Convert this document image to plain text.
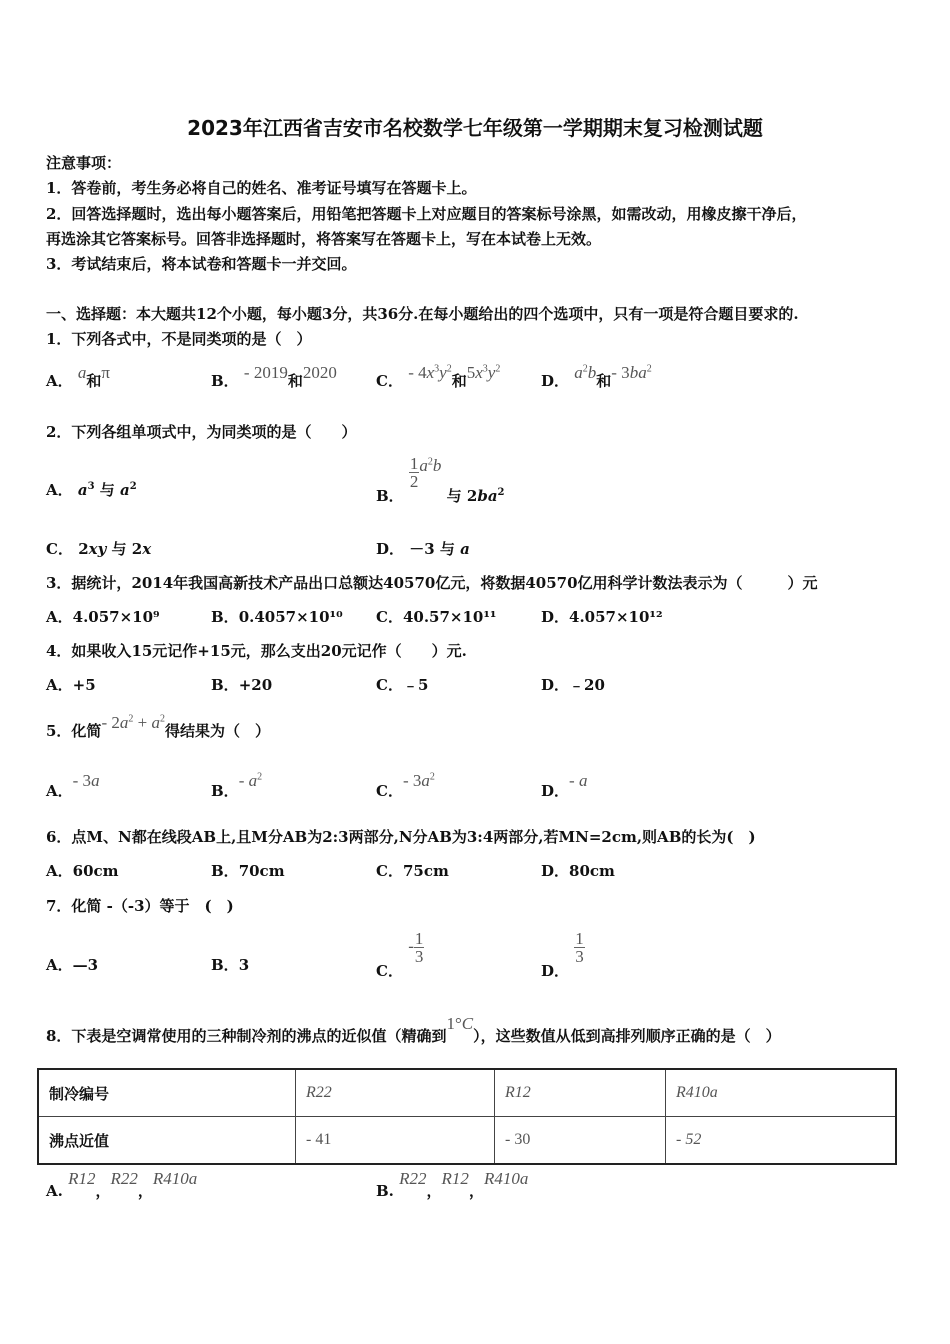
2023年江西省吉安市名校数学七年级第一学期期末复习检测试题
注意事项：
1．答卷前，考生务必将自己的姓名、准考证号填写在答题卡上。
2．回答选择题时，选出每小题答案后，用铅笔把答题卡上对应题目的答案标号涂黑，如需改动，用橡皮擦干净后，
再选涂其它答案标号。回答非选择题时，将答案写在答题卡上，写在本试卷上无效。
3．考试结束后，将本试卷和答题卡一并交回。
一、选择题：本大题共12个小题，每小题3分，共36分.在每小题给出的四个选项中，只有一项是符合题目要求的.
1．下列各式中，不是同类项的是（　）
A． a和π	B． - 2019和2020	C． - $4x^3y^2$和$5x^3y^2$
D． $a^2b$和- $3ba^2$
2．下列各组单项式中，为同类项的是（　　）
A． $a^3$ 与 $a^2$	B．
$\frac{1}{2} a^2b$ 与 $2ba^2$
C． 2xy 与 2x	D． －3 与 a
3．据统计，2014年我国高新技术产品出口总额达40570亿元，将数据40570亿用科学计数法表示为（　　　）元
A．4.057×10⁹	B．0.4057×10¹⁰ C．40.57×10¹¹	D．4.057×10¹²
4．如果收入15元记作+15元，那么支出20元记作（　　）元.
A．+5	B．+20	C．﹣5	D．﹣20
5．化简- $2a^2 + a^2$得结果为（　）
A．- 3a
B．- $a^2$
C．- $3a^2$
D．- a
6．点M、N都在线段AB上,且M分AB为2:3两部分,N分AB为3:4两部分,若MN=2cm,则AB的长为(　)
A．60cm	B．70cm	C．75cm	D．80cm
7．化简 -（-3）等于　(　)
A．—3	B．3	C． - $\frac{1}{3}$
D．
$\frac{1}{3}$
8．下表是空调常使用的三种制冷剂的沸点的近似值（精确到1°C），这些数值从低到高排列顺序正确的是（　）
制冷编号	R22	R12	R410a
沸点近值	- 41	- 30	- 52
A. R12，R22，R410a
B. R22，R12，R410a
